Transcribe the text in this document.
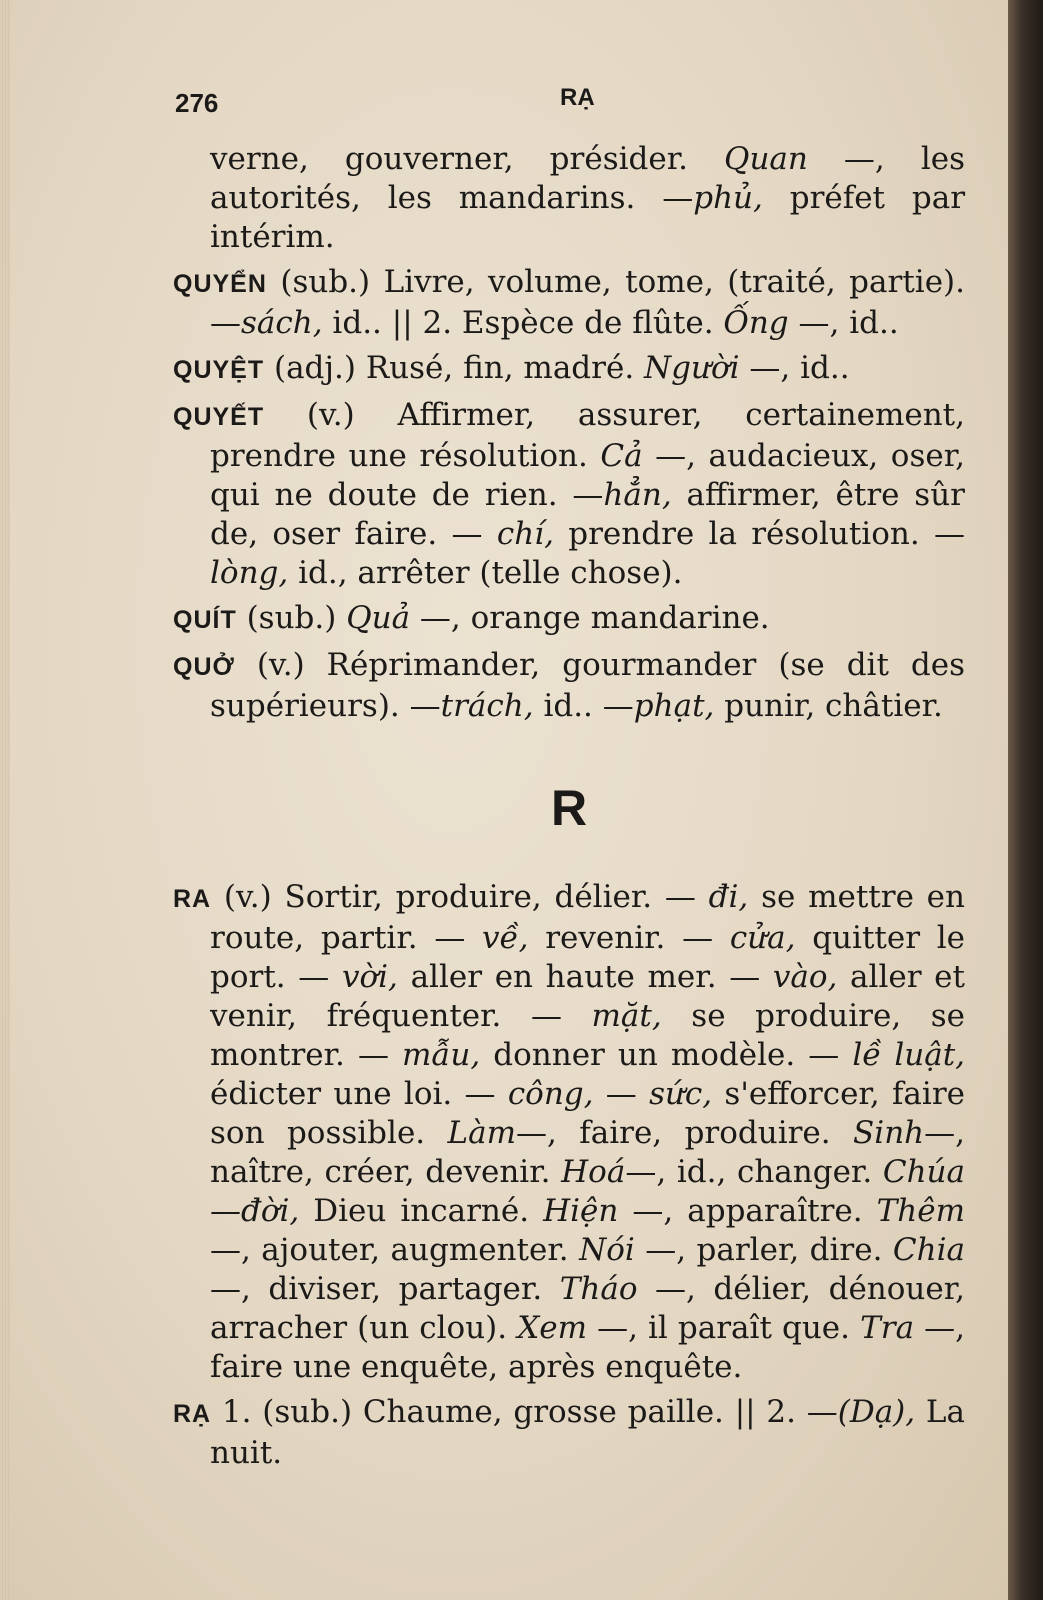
276	RẠ

verne, gouverner, présider. Quan —, les autorités, les mandarins. —phủ, préfet par intérim.

QUYỂN (sub.) Livre, volume, tome, (traité, partie). —sách, id.. || 2. Espèce de flûte. Ống —, id..

QUYỆT (adj.) Rusé, fin, madré. Người —, id..

QUYẾT (v.) Affirmer, assurer, certainement, prendre une résolution. Cả —, audacieux, oser, qui ne doute de rien. —hẳn, affirmer, être sûr de, oser faire. — chí, prendre la résolution. — lòng, id., arrêter (telle chose).

QUÍT (sub.) Quả —, orange mandarine.

QUỞ (v.) Réprimander, gourmander (se dit des supérieurs). —trách, id.. —phạt, punir, châtier.

R

RA (v.) Sortir, produire, délier. — đi, se mettre en route, partir. — về, revenir. — cửa, quitter le port. — vời, aller en haute mer. — vào, aller et venir, fréquenter. — mặt, se produire, se montrer. — mẫu, donner un modèle. — lề luật, édicter une loi. — công, — sức, s'efforcer, faire son possible. Làm—, faire, produire. Sinh—, naître, créer, devenir. Hoá—, id., changer. Chúa—đời, Dieu incarné. Hiện —, apparaître. Thêm —, ajouter, augmenter. Nói —, parler, dire. Chia —, diviser, partager. Tháo —, délier, dénouer, arracher (un clou). Xem —, il paraît que. Tra —, faire une enquête, après enquête.

RẠ 1. (sub.) Chaume, grosse paille. || 2. —(Dạ), La nuit.
